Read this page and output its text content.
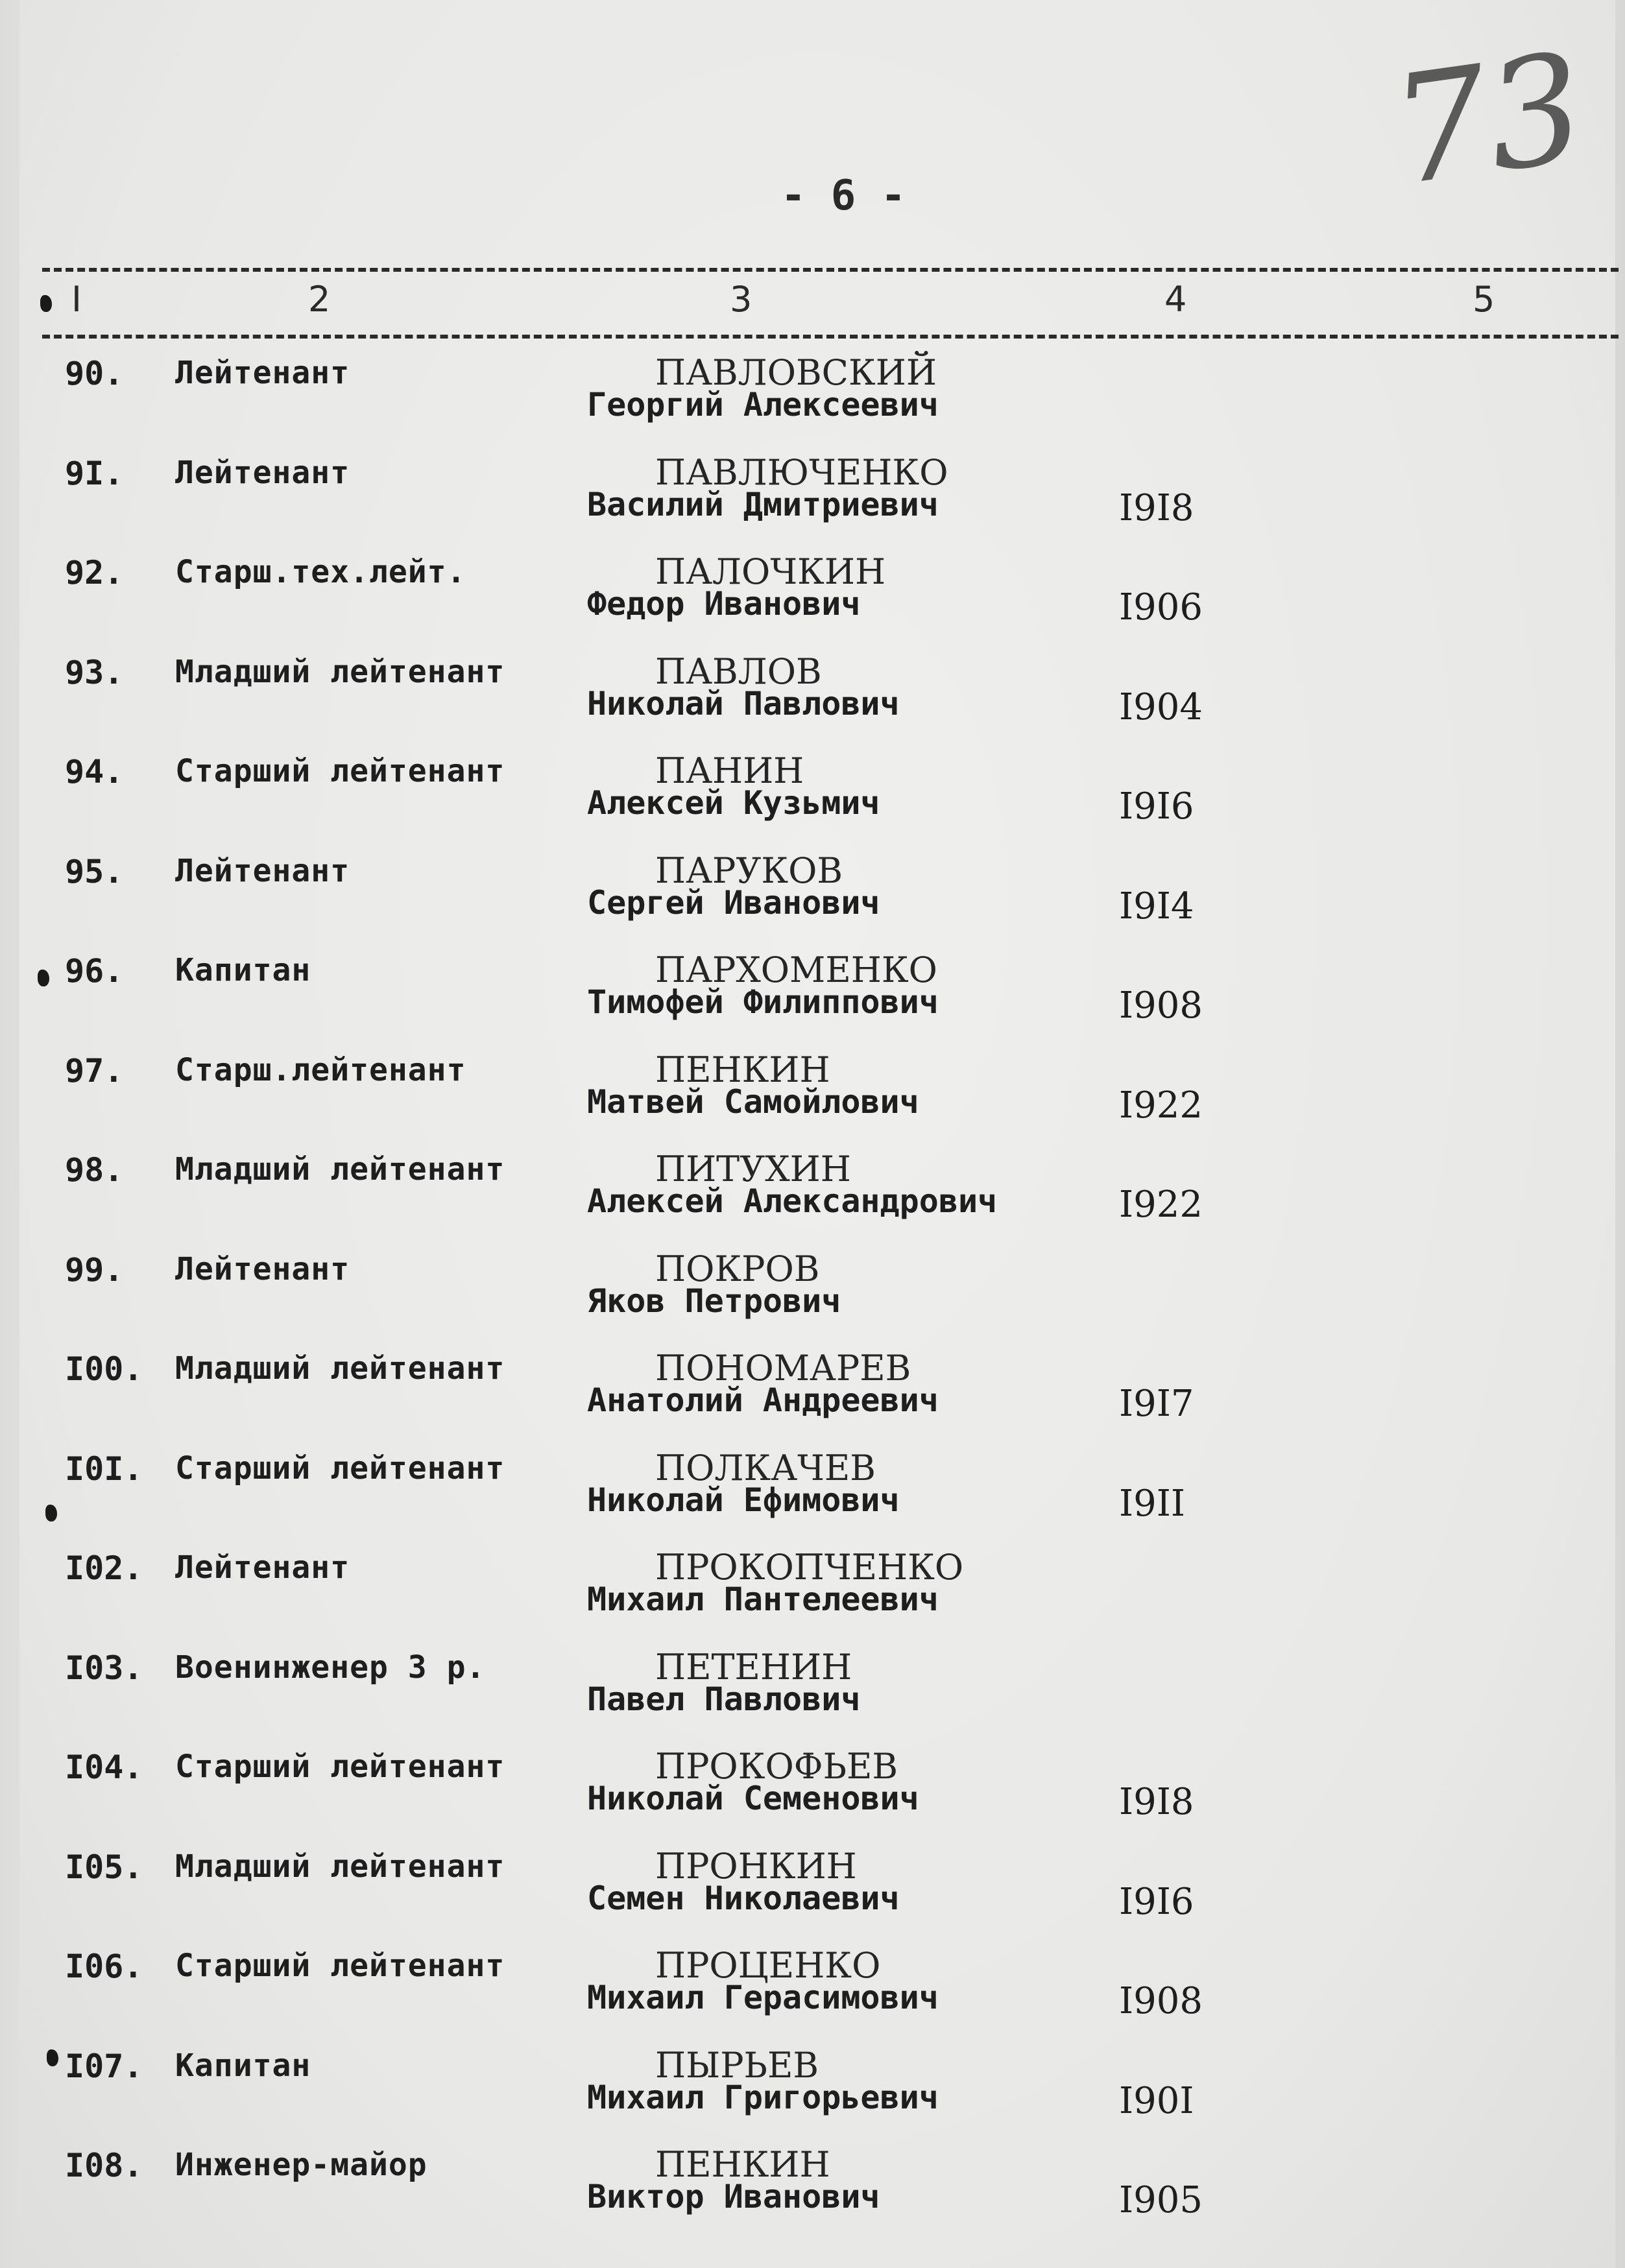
73
- 6 -
I	2	3	4	5
90.	Лейтенант	ПАВЛОВСКИЙ
Георгий Алексеевич
9I.	Лейтенант	ПАВЛЮЧЕНКО
Василий Дмитриевич	I9I8
92.	Старш.тех.лейт.	ПАЛОЧКИН
Федор Иванович	I906
93.	Младший лейтенант	ПАВЛОВ
Николай Павлович	I904
94.	Старший лейтенант	ПАНИН
Алексей Кузьмич	I9I6
95.	Лейтенант	ПАРУКОВ
Сергей Иванович	I9I4
96.	Капитан	ПАРХОМЕНКО
Тимофей Филиппович	I908
97.	Старш.лейтенант	ПЕНКИН
Матвей Самойлович	I922
98.	Младший лейтенант	ПИТУХИН
Алексей Александрович	I922
99.	Лейтенант	ПОКРОВ
Яков Петрович
I00.	Младший лейтенант	ПОНОМАРЕВ
Анатолий Андреевич	I9I7
I0I.	Старший лейтенант	ПОЛКАЧЕВ
Николай Ефимович	I9II
I02.	Лейтенант	ПРОКОПЧЕНКО
Михаил Пантелеевич
I03.	Военинженер 3 р.	ПЕТЕНИН
Павел Павлович
I04.	Старший лейтенант	ПРОКОФЬЕВ
Николай Семенович	I9I8
I05.	Младший лейтенант	ПРОНКИН
Семен Николаевич	I9I6
I06.	Старший лейтенант	ПРОЦЕНКО
Михаил Герасимович	I908
I07.	Капитан	ПЫРЬЕВ
Михаил Григорьевич	I90I
I08.	Инженер-майор	ПЕНКИН
Виктор Иванович	I905
